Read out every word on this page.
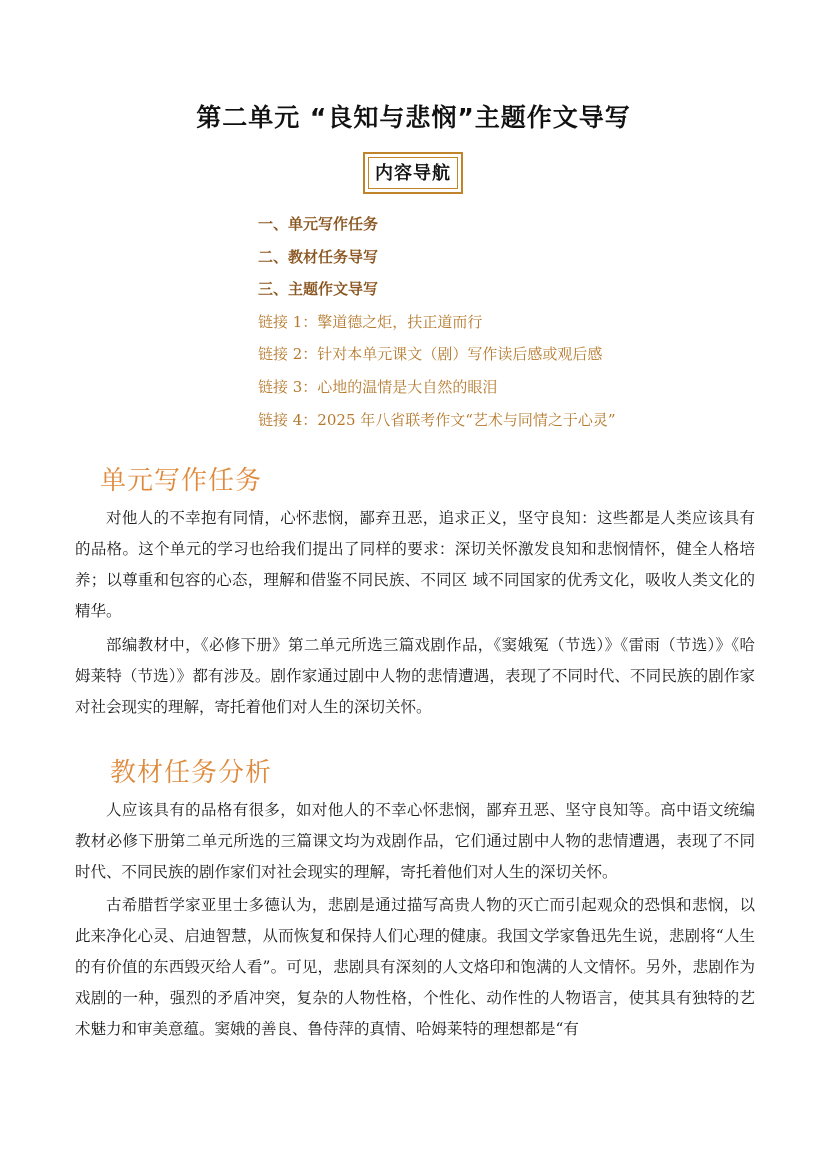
第二单元 “良知与悲悯”主题作文导写
内容导航
一、单元写作任务
二、教材任务导写
三、主题作文导写
链接 1：擎道德之炬，扶正道而行
链接 2：针对本单元课文（剧）写作读后感或观后感
链接 3：心地的温情是大自然的眼泪
链接 4：2025 年八省联考作文“艺术与同情之于心灵”
单元写作任务
对他人的不幸抱有同情，心怀悲悯，鄙弃丑恶，追求正义，坚守良知：这些都是人类应该具有的品格。这个单元的学习也给我们提出了同样的要求：深切关怀激发良知和悲悯情怀，健全人格培养；以尊重和包容的心态，理解和借鉴不同民族、不同区 域不同国家的优秀文化，吸收人类文化的精华。
部编教材中，《必修下册》第二单元所选三篇戏剧作品，《窦娥冤（节选）》《雷雨（节选）》《哈姆莱特（节选）》都有涉及。剧作家通过剧中人物的悲情遭遇，表现了不同时代、不同民族的剧作家对社会现实的理解，寄托着他们对人生的深切关怀。
教材任务分析
人应该具有的品格有很多，如对他人的不幸心怀悲悯，鄙弃丑恶、坚守良知等。高中语文统编教材必修下册第二单元所选的三篇课文均为戏剧作品，它们通过剧中人物的悲情遭遇，表现了不同时代、不同民族的剧作家们对社会现实的理解，寄托着他们对人生的深切关怀。
古希腊哲学家亚里士多德认为，悲剧是通过描写高贵人物的灭亡而引起观众的恐惧和悲悯，以此来净化心灵、启迪智慧，从而恢复和保持人们心理的健康。我国文学家鲁迅先生说，悲剧将“人生的有价值的东西毁灭给人看”。可见，悲剧具有深刻的人文烙印和饱满的人文情怀。另外，悲剧作为戏剧的一种，强烈的矛盾冲突，复杂的人物性格，个性化、动作性的人物语言，使其具有独特的艺术魅力和审美意蕴。窦娥的善良、鲁侍萍的真情、哈姆莱特的理想都是“有
